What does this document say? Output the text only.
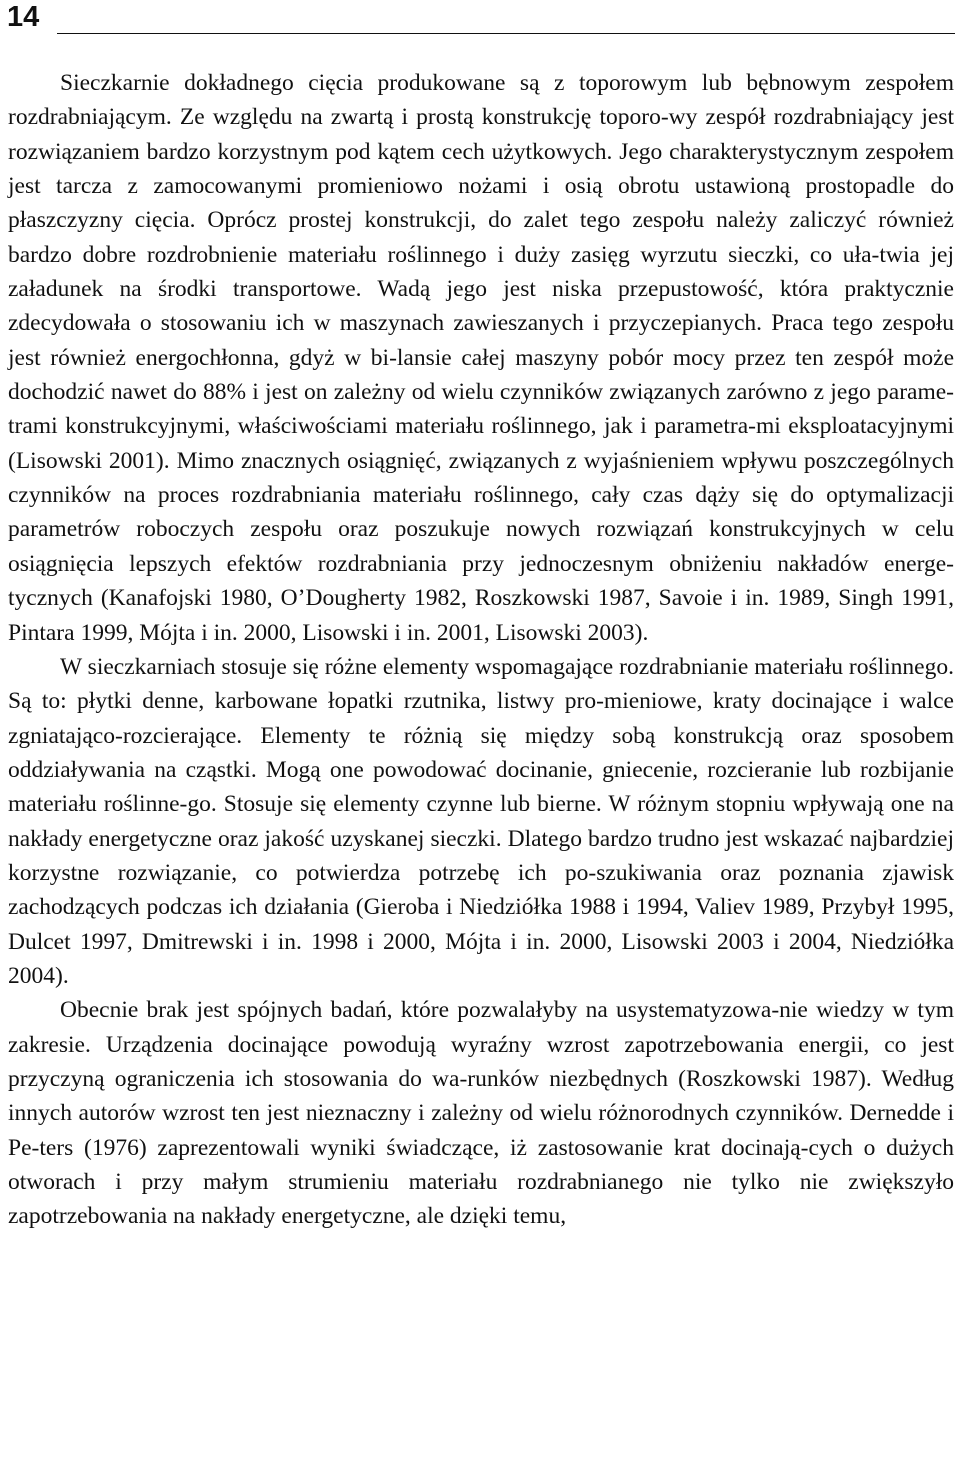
14

Sieczkarnie dokładnego cięcia produkowane są z toporowym lub bębnowym zespołem rozdrabniającym. Ze względu na zwartą i prostą konstrukcję toporo-wy zespół rozdrabniający jest rozwiązaniem bardzo korzystnym pod kątem cech użytkowych. Jego charakterystycznym zespołem jest tarcza z zamocowanymi promieniowo nożami i osią obrotu ustawioną prostopadle do płaszczyzny cięcia. Oprócz prostej konstrukcji, do zalet tego zespołu należy zaliczyć również bardzo dobre rozdrobnienie materiału roślinnego i duży zasięg wyrzutu sieczki, co uła-twia jej załadunek na środki transportowe. Wadą jego jest niska przepustowość, która praktycznie zdecydowała o stosowaniu ich w maszynach zawieszanych i przyczepianych. Praca tego zespołu jest również energochłonna, gdyż w bi-lansie całej maszyny pobór mocy przez ten zespół może dochodzić nawet do 88% i jest on zależny od wielu czynników związanych zarówno z jego parame-trami konstrukcyjnymi, właściwościami materiału roślinnego, jak i parametra-mi eksploatacyjnymi (Lisowski 2001). Mimo znacznych osiągnięć, związanych z wyjaśnieniem wpływu poszczególnych czynników na proces rozdrabniania materiału roślinnego, cały czas dąży się do optymalizacji parametrów roboczych zespołu oraz poszukuje nowych rozwiązań konstrukcyjnych w celu osiągnięcia lepszych efektów rozdrabniania przy jednoczesnym obniżeniu nakładów energe-tycznych (Kanafojski 1980, O’Dougherty 1982, Roszkowski 1987, Savoie i in. 1989, Singh 1991, Pintara 1999, Mójta i in. 2000, Lisowski i in. 2001, Lisowski 2003).

W sieczkarniach stosuje się różne elementy wspomagające rozdrabnianie materiału roślinnego. Są to: płytki denne, karbowane łopatki rzutnika, listwy pro-mieniowe, kraty docinające i walce zgniatająco-rozcierające. Elementy te różnią się między sobą konstrukcją oraz sposobem oddziaływania na cząstki. Mogą one powodować docinanie, gniecenie, rozcieranie lub rozbijanie materiału roślinne-go. Stosuje się elementy czynne lub bierne. W różnym stopniu wpływają one na nakłady energetyczne oraz jakość uzyskanej sieczki. Dlatego bardzo trudno jest wskazać najbardziej korzystne rozwiązanie, co potwierdza potrzebę ich po-szukiwania oraz poznania zjawisk zachodzących podczas ich działania (Gieroba i Niedziółka 1988 i 1994, Valiev 1989, Przybył 1995, Dulcet 1997, Dmitrewski i in. 1998 i 2000, Mójta i in. 2000, Lisowski 2003 i 2004, Niedziółka 2004).

Obecnie brak jest spójnych badań, które pozwalałyby na usystematyzowa-nie wiedzy w tym zakresie. Urządzenia docinające powodują wyraźny wzrost zapotrzebowania energii, co jest przyczyną ograniczenia ich stosowania do wa-runków niezbędnych (Roszkowski 1987). Według innych autorów wzrost ten jest nieznaczny i zależny od wielu różnorodnych czynników. Dernedde i Pe-ters (1976) zaprezentowali wyniki świadczące, iż zastosowanie krat docinają-cych o dużych otworach i przy małym strumieniu materiału rozdrabnianego nie tylko nie zwiększyło zapotrzebowania na nakłady energetyczne, ale dzięki temu,
